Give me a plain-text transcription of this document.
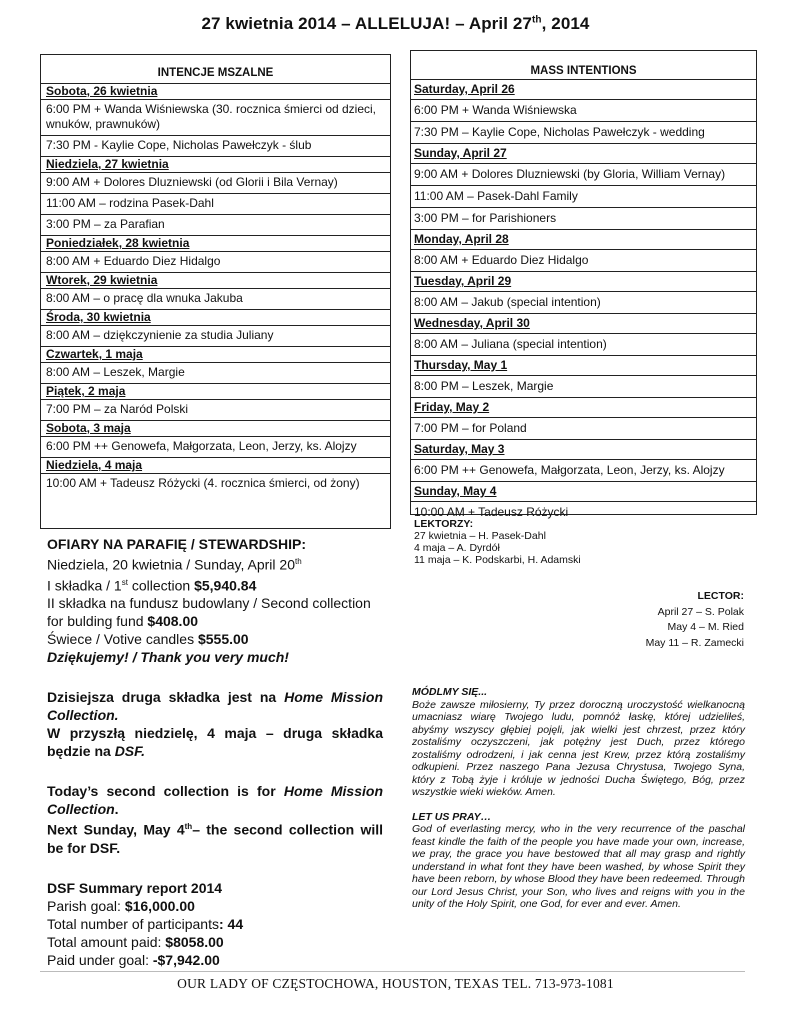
27 kwietnia 2014 – ALLELUJA! – April 27th, 2014
INTENCJE MSZALNE
Sobota, 26 kwietnia
6:00 PM + Wanda Wiśniewska (30. rocznica śmierci od dzieci, wnuków, prawnuków)
7:30 PM - Kaylie Cope, Nicholas Pawełczyk - ślub
Niedziela, 27 kwietnia
9:00 AM + Dolores Dluzniewski (od Glorii i Bila Vernay)
11:00 AM – rodzina Pasek-Dahl
3:00 PM – za Parafian
Poniedziałek, 28 kwietnia
8:00 AM + Eduardo Diez Hidalgo
Wtorek, 29 kwietnia
8:00 AM – o pracę dla wnuka Jakuba
Środa, 30 kwietnia
8:00 AM – dziękczynienie za studia Juliany
Czwartek, 1 maja
8:00 AM – Leszek, Margie
Piątek, 2 maja
7:00 PM – za Naród Polski
Sobota, 3 maja
6:00 PM ++ Genowefa, Małgorzata, Leon, Jerzy, ks. Alojzy
Niedziela, 4 maja
10:00 AM + Tadeusz Różycki (4. rocznica śmierci, od żony)
MASS INTENTIONS
Saturday, April 26
6:00 PM + Wanda Wiśniewska
7:30 PM – Kaylie Cope, Nicholas Pawełczyk - wedding
Sunday, April 27
9:00 AM + Dolores Dluzniewski (by Gloria, William Vernay)
11:00 AM – Pasek-Dahl Family
3:00 PM – for Parishioners
Monday, April 28
8:00 AM + Eduardo Diez Hidalgo
Tuesday, April 29
8:00 AM – Jakub (special intention)
Wednesday, April 30
8:00 AM – Juliana (special intention)
Thursday, May 1
8:00 PM – Leszek, Margie
Friday, May 2
7:00 PM – for Poland
Saturday, May 3
6:00 PM ++ Genowefa, Małgorzata, Leon, Jerzy, ks. Alojzy
Sunday, May 4
10:00 AM + Tadeusz Różycki
LEKTORZY:
27 kwietnia – H. Pasek-Dahl
4 maja – A. Dyrdół
11 maja – K. Podskarbi, H. Adamski
LECTOR:
April 27 – S. Polak
May 4 – M. Ried
May 11 – R. Zamecki
OFIARY NA PARAFIĘ / STEWARDSHIP:
Niedziela, 20 kwietnia / Sunday, April 20th
I składka / 1st collection $5,940.84
II składka na fundusz budowlany / Second collection for bulding fund $408.00
Świece / Votive candles $555.00
Dziękujemy! / Thank you very much!
Dzisiejsza druga składka jest na Home Mission Collection.
W przyszłą niedzielę, 4 maja – druga składka będzie na DSF.
Today’s second collection is for Home Mission Collection.
Next Sunday, May 4th– the second collection will be for DSF.
DSF Summary report 2014
Parish goal: $16,000.00
Total number of participants: 44
Total amount paid: $8058.00
Paid under goal: -$7,942.00
MÓDLMY SIĘ...
Boże zawsze miłosierny, Ty przez doroczną uroczystość wielkanocną umacniasz wiarę Twojego ludu, pomnóż łaskę, której udzieliłeś, abyśmy wszyscy głębiej pojęli, jak wielki jest chrzest, przez który zostaliśmy oczyszczeni, jak potężny jest Duch, przez którego zostaliśmy odrodzeni, i jak cenna jest Krew, przez którą zostaliśmy odkupieni. Przez naszego Pana Jezusa Chrystusa, Twojego Syna, który z Tobą żyje i króluje w jedności Ducha Świętego, Bóg, przez wszystkie wieki wieków. Amen.
LET US PRAY…
God of everlasting mercy, who in the very recurrence of the paschal feast kindle the faith of the people you have made your own, increase, we pray, the grace you have bestowed that all may grasp and rightly understand in what font they have been washed, by whose Spirit they have been reborn, by whose Blood they have been redeemed. Through our Lord Jesus Christ, your Son, who lives and reigns with you in the unity of the Holy Spirit, one God, for ever and ever. Amen.
OUR LADY OF CZĘSTOCHOWA, HOUSTON, TEXAS TEL. 713-973-1081
